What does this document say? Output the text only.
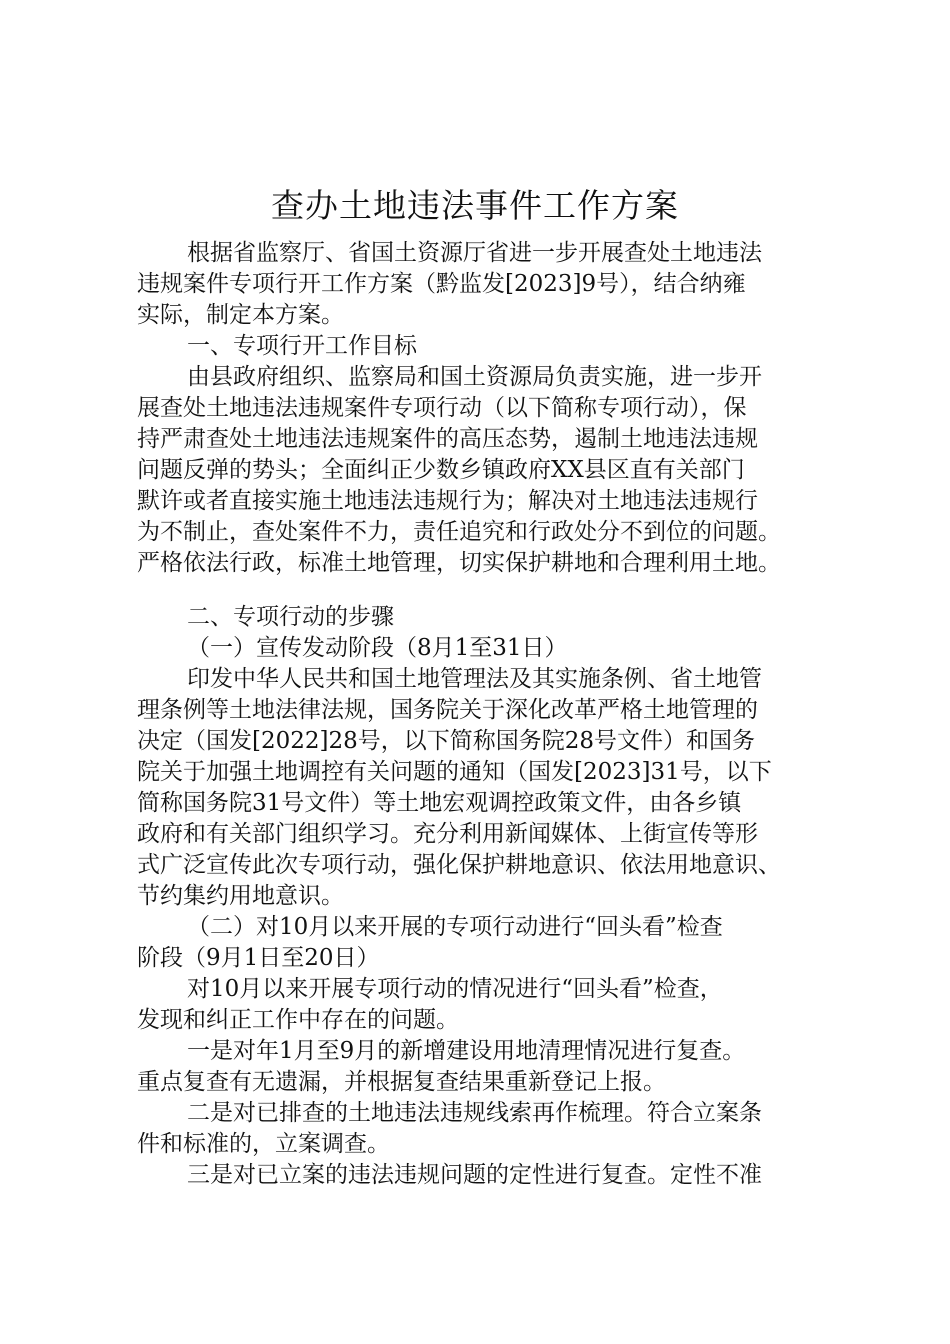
查办土地违法事件工作方案
根据省监察厅、省国土资源厅省进一步开展查处土地违法
违规案件专项行开工作方案（黔监发[2023]9号），结合纳雍
实际，制定本方案。
一、专项行开工作目标
由县政府组织、监察局和国土资源局负责实施，进一步开
展查处土地违法违规案件专项行动（以下简称专项行动），保
持严肃查处土地违法违规案件的高压态势，遏制土地违法违规
问题反弹的势头；全面纠正少数乡镇政府XX县区直有关部门
默许或者直接实施土地违法违规行为；解决对土地违法违规行
为不制止，查处案件不力，责任追究和行政处分不到位的问题。
严格依法行政，标准土地管理，切实保护耕地和合理利用土地。
二、专项行动的步骤
（一）宣传发动阶段（8月1至31日）
印发中华人民共和国土地管理法及其实施条例、省土地管
理条例等土地法律法规，国务院关于深化改革严格土地管理的
决定（国发[2022]28号，以下简称国务院28号文件）和国务
院关于加强土地调控有关问题的通知（国发[2023]31号，以下
简称国务院31号文件）等土地宏观调控政策文件，由各乡镇
政府和有关部门组织学习。充分利用新闻媒体、上街宣传等形
式广泛宣传此次专项行动，强化保护耕地意识、依法用地意识、
节约集约用地意识。
（二）对10月以来开展的专项行动进行“回头看”检查
阶段（9月1日至20日）
对10月以来开展专项行动的情况进行“回头看”检查，
发现和纠正工作中存在的问题。
一是对年1月至9月的新增建设用地清理情况进行复查。
重点复查有无遗漏，并根据复查结果重新登记上报。
二是对已排查的土地违法违规线索再作梳理。符合立案条
件和标准的，立案调查。
三是对已立案的违法违规问题的定性进行复查。定性不准
